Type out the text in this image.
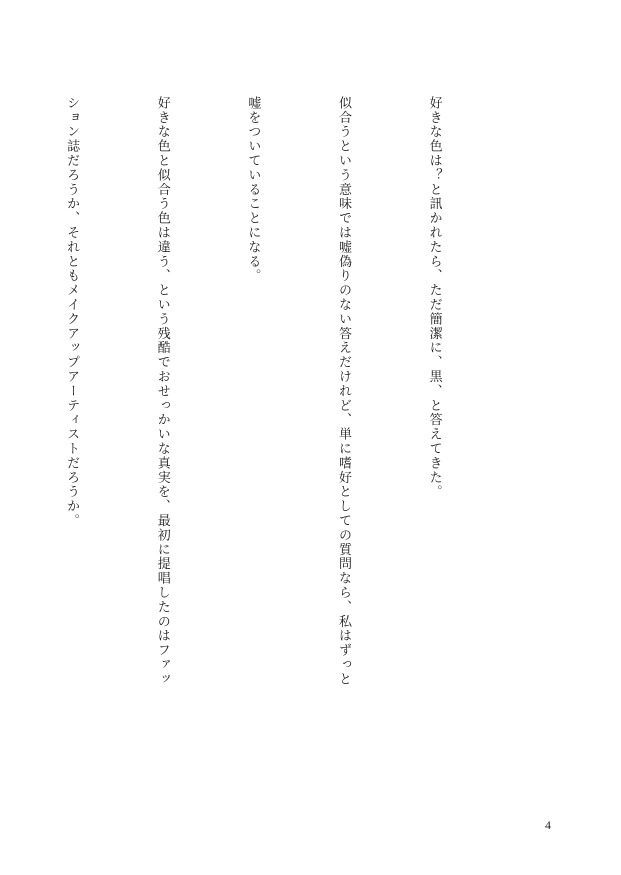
好きな色は？と訊かれたら、ただ簡潔に、黒、と答えてきた。

似合うという意味では嘘偽りのない答えだけれど、単に嗜好としての質問なら、私はずっと

嘘をついていることになる。

好きな色と似合う色は違う、という残酷でおせっかいな真実を、最初に提唱したのはファッ

ション誌だろうか、それともメイクアップアーティストだろうか。

4
